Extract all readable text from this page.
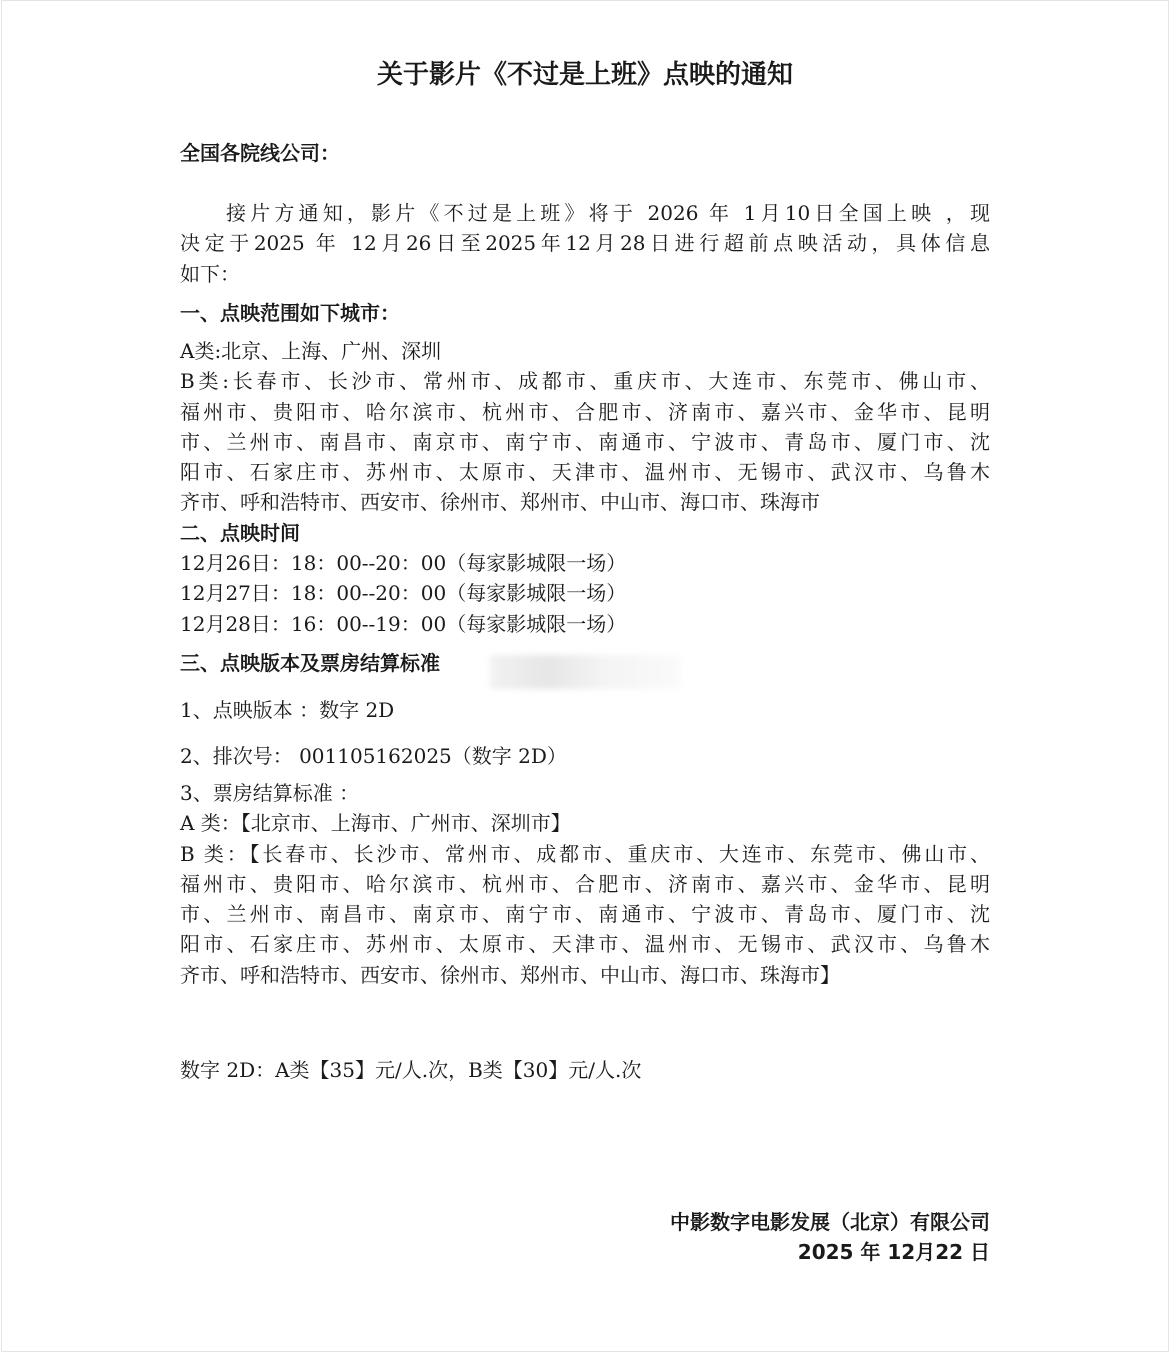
关于影片《不过是上班》点映的通知
全国各院线公司：
接片方通知，影片《不过是上班》将于 2026 年 1月10日全国上映 ，现
决定于2025 年 12月26日至2025年12月28日进行超前点映活动，具体信息
如下：
一、点映范围如下城市：
A类:北京、上海、广州、深圳
B类:长春市、长沙市、常州市、成都市、重庆市、大连市、东莞市、佛山市、
福州市、贵阳市、哈尔滨市、杭州市、合肥市、济南市、嘉兴市、金华市、昆明
市、兰州市、南昌市、南京市、南宁市、南通市、宁波市、青岛市、厦门市、沈
阳市、石家庄市、苏州市、太原市、天津市、温州市、无锡市、武汉市、乌鲁木
齐市、呼和浩特市、西安市、徐州市、郑州市、中山市、海口市、珠海市
二、点映时间
12月26日：18：00--20：00（每家影城限一场）
12月27日：18：00--20：00（每家影城限一场）
12月28日：16：00--19：00（每家影城限一场）
三、点映版本及票房结算标准
1、点映版本 ：数字 2D
2、排次号： 001105162025（数字 2D）
3、票房结算标准 ：
A 类：【北京市、上海市、广州市、深圳市】
B 类：【长春市、长沙市、常州市、成都市、重庆市、大连市、东莞市、佛山市、
福州市、贵阳市、哈尔滨市、杭州市、合肥市、济南市、嘉兴市、金华市、昆明
市、兰州市、南昌市、南京市、南宁市、南通市、宁波市、青岛市、厦门市、沈
阳市、石家庄市、苏州市、太原市、天津市、温州市、无锡市、武汉市、乌鲁木
齐市、呼和浩特市、西安市、徐州市、郑州市、中山市、海口市、珠海市】
数字 2D：A类【35】元/人.次，B类【30】元/人.次
中影数字电影发展（北京）有限公司
2025 年 12月22 日
